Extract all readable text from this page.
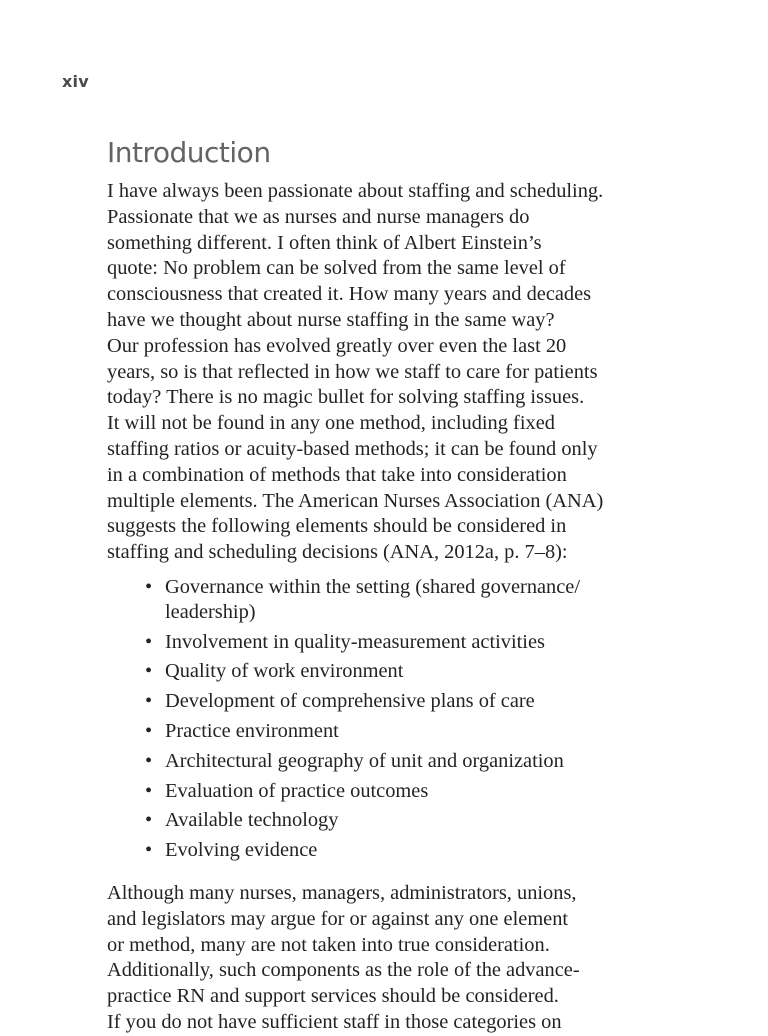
xiv
Introduction

I have always been passionate about staffing and scheduling.
Passionate that we as nurses and nurse managers do
something different. I often think of Albert Einstein’s
quote: No problem can be solved from the same level of
consciousness that created it. How many years and decades
have we thought about nurse staffing in the same way?
Our profession has evolved greatly over even the last 20
years, so is that reflected in how we staff to care for patients
today? There is no magic bullet for solving staffing issues.
It will not be found in any one method, including fixed
staffing ratios or acuity-based methods; it can be found only
in a combination of methods that take into consideration
multiple elements. The American Nurses Association (ANA)
suggests the following elements should be considered in
staffing and scheduling decisions (ANA, 2012a, p. 7–8):

• Governance within the setting (shared governance/
leadership)
• Involvement in quality-measurement activities
• Quality of work environment
• Development of comprehensive plans of care
• Practice environment
• Architectural geography of unit and organization
• Evaluation of practice outcomes
• Available technology
• Evolving evidence

Although many nurses, managers, administrators, unions,
and legislators may argue for or against any one element
or method, many are not taken into true consideration.
Additionally, such components as the role of the advance-
practice RN and support services should be considered.
If you do not have sufficient staff in those categories on
